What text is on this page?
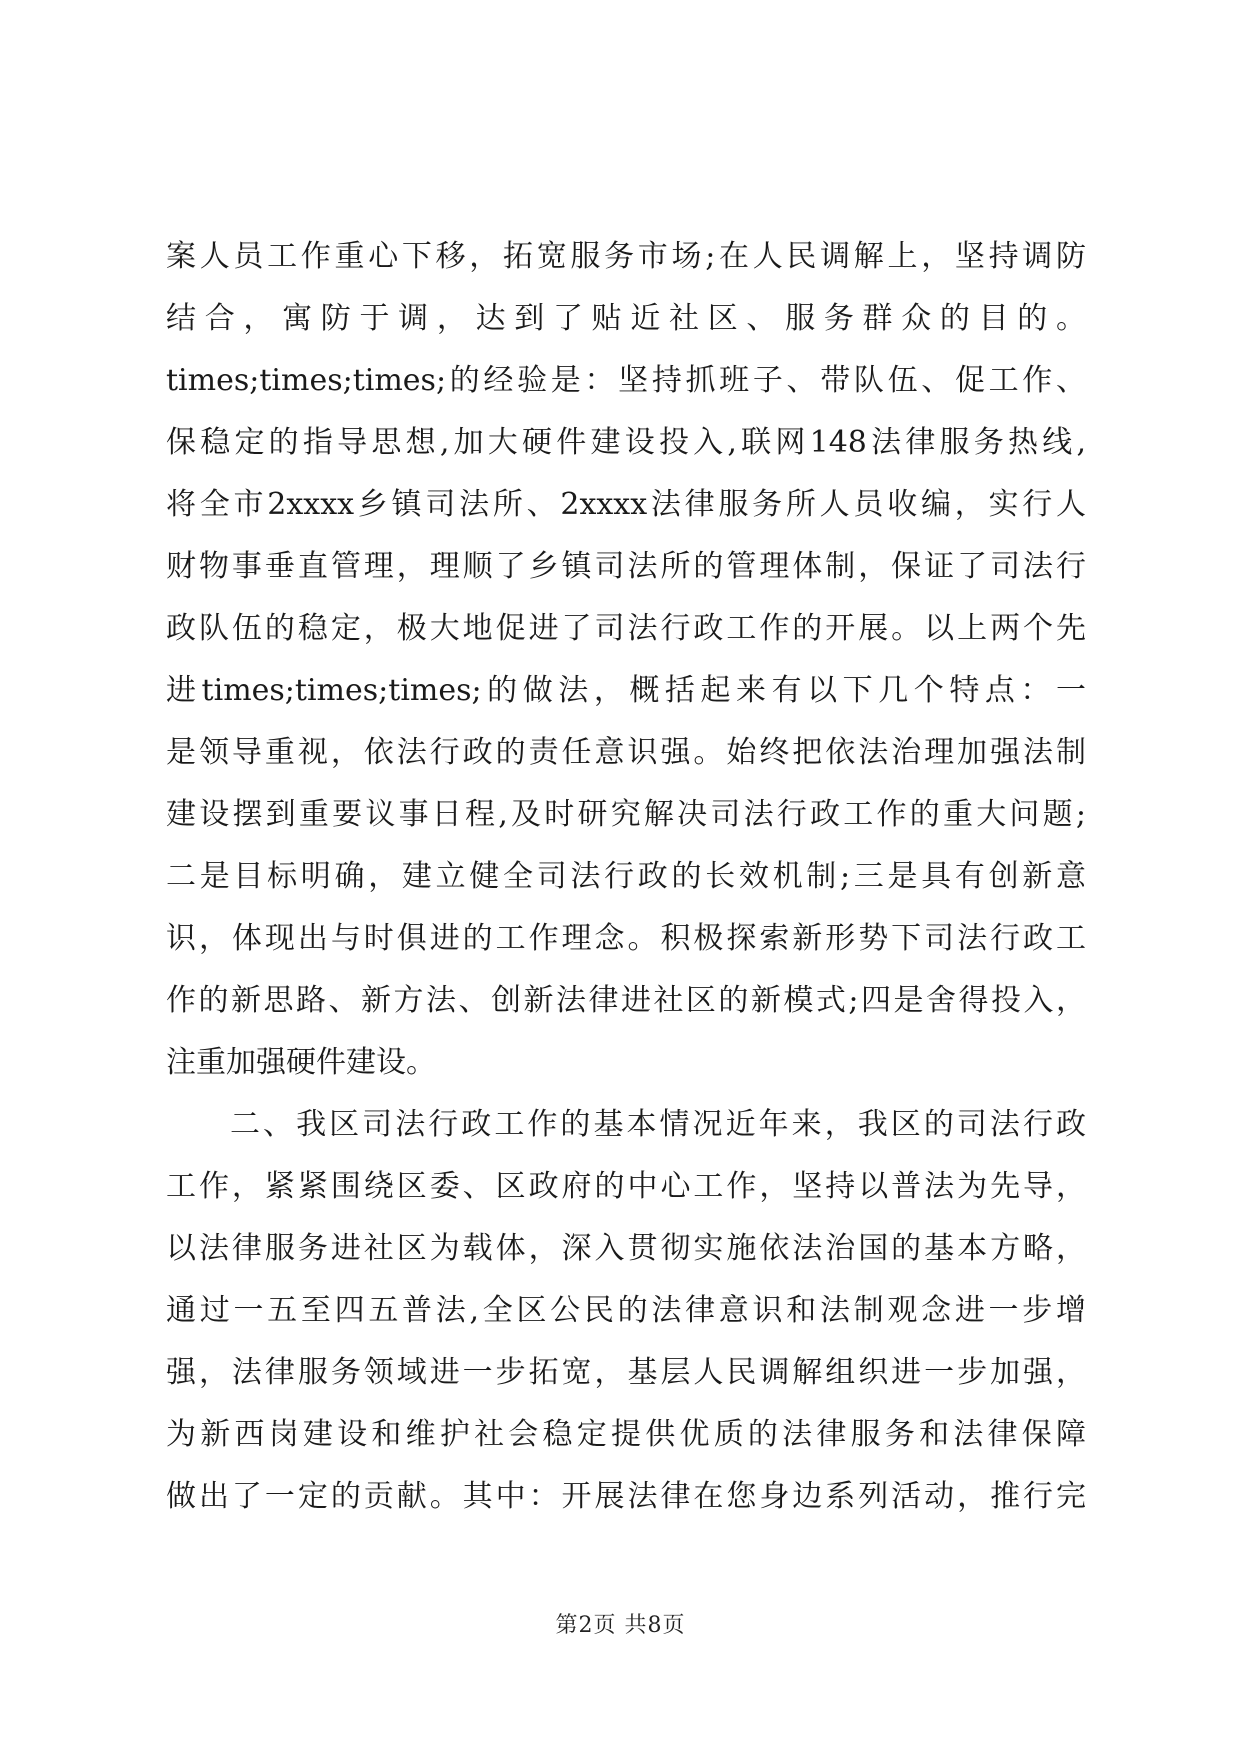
案人员工作重心下移，拓宽服务市场;在人民调解上，坚持调防
结合，寓防于调，达到了贴近社区、服务群众的目的。
times;times;times;的经验是：坚持抓班子、带队伍、促工作、
保稳定的指导思想,加大硬件建设投入,联网148法律服务热线,
将全市2xxxx乡镇司法所、2xxxx法律服务所人员收编，实行人
财物事垂直管理，理顺了乡镇司法所的管理体制，保证了司法行
政队伍的稳定，极大地促进了司法行政工作的开展。以上两个先
进times;times;times;的做法，概括起来有以下几个特点：一
是领导重视，依法行政的责任意识强。始终把依法治理加强法制
建设摆到重要议事日程,及时研究解决司法行政工作的重大问题;
二是目标明确，建立健全司法行政的长效机制;三是具有创新意
识，体现出与时俱进的工作理念。积极探索新形势下司法行政工
作的新思路、新方法、创新法律进社区的新模式;四是舍得投入，
注重加强硬件建设。
二、我区司法行政工作的基本情况近年来，我区的司法行政
工作，紧紧围绕区委、区政府的中心工作，坚持以普法为先导，
以法律服务进社区为载体，深入贯彻实施依法治国的基本方略，
通过一五至四五普法,全区公民的法律意识和法制观念进一步增
强，法律服务领域进一步拓宽，基层人民调解组织进一步加强，
为新西岗建设和维护社会稳定提供优质的法律服务和法律保障
做出了一定的贡献。其中：开展法律在您身边系列活动，推行完
第2页 共8页
